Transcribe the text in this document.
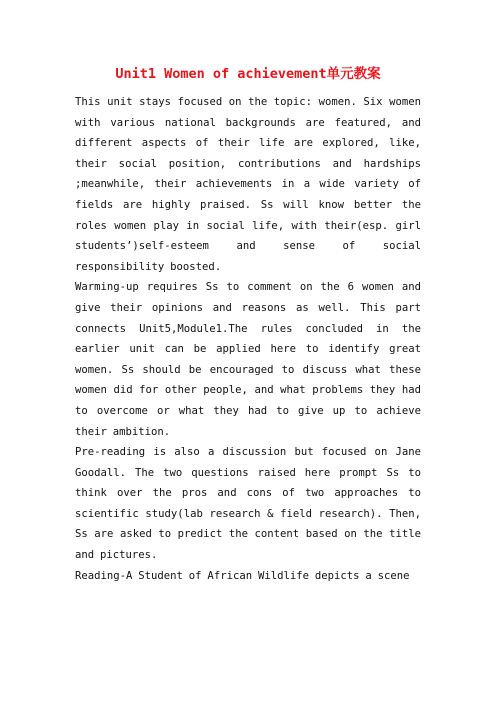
Unit1 Women of achievement单元教案

This unit stays focused on the topic: women. Six women with various national backgrounds are featured, and different aspects of their life are explored, like, their social position, contributions and hardships ;meanwhile, their achievements in a wide variety of fields are highly praised. Ss will know better the roles women play in social life, with their(esp. girl students’)self-esteem and sense of social responsibility boosted.

Warming-up requires Ss to comment on the 6 women and give their opinions and reasons as well. This part connects Unit5,Module1.The rules concluded in the earlier unit can be applied here to identify great women. Ss should be encouraged to discuss what these women did for other people, and what problems they had to overcome or what they had to give up to achieve their ambition.

Pre-reading is also a discussion but focused on Jane Goodall. The two questions raised here prompt Ss to think over the pros and cons of two approaches to scientific study(lab research & field research). Then, Ss are asked to predict the content based on the title and pictures.

Reading-A Student of African Wildlife depicts a scene
